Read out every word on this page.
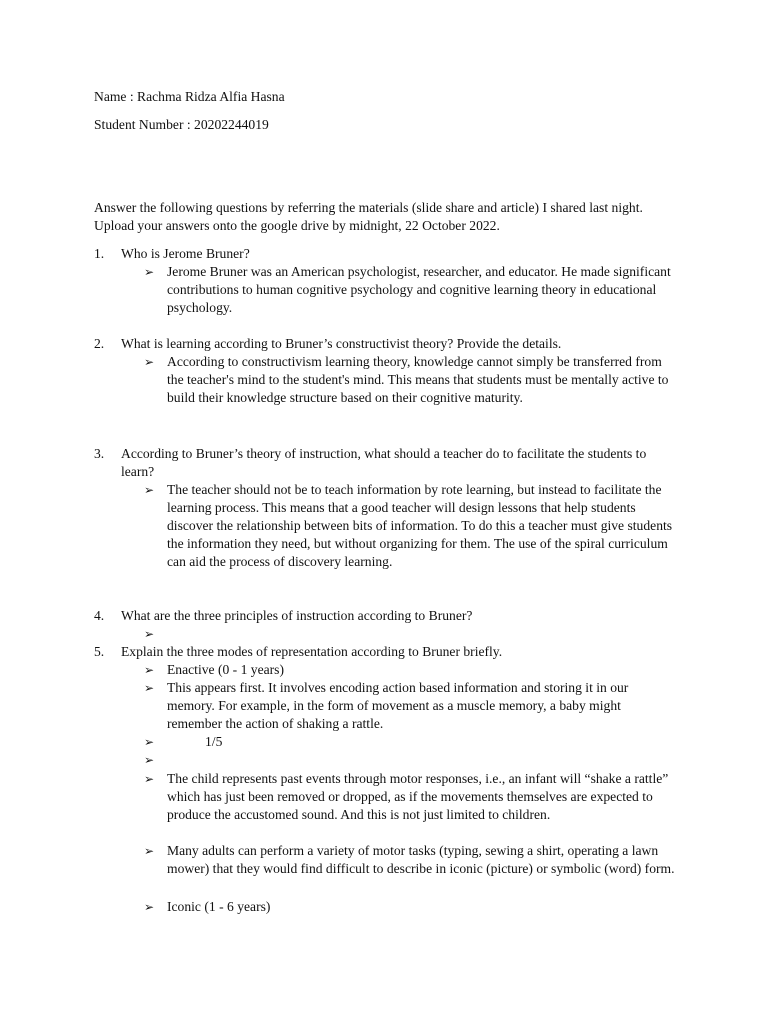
Name : Rachma Ridza Alfia Hasna
Student Number : 20202244019
Answer the following questions by referring the materials (slide share and article) I shared last night. Upload your answers onto the google drive by midnight, 22 October 2022.
1. Who is Jerome Bruner?
➢ Jerome Bruner was an American psychologist, researcher, and educator. He made significant contributions to human cognitive psychology and cognitive learning theory in educational psychology.
2. What is learning according to Bruner’s constructivist theory? Provide the details.
➢ According to constructivism learning theory, knowledge cannot simply be transferred from the teacher's mind to the student's mind. This means that students must be mentally active to build their knowledge structure based on their cognitive maturity.
3. According to Bruner’s theory of instruction, what should a teacher do to facilitate the students to learn?
➢ The teacher should not be to teach information by rote learning, but instead to facilitate the learning process. This means that a good teacher will design lessons that help students discover the relationship between bits of information. To do this a teacher must give students the information they need, but without organizing for them. The use of the spiral curriculum can aid the process of discovery learning.
4. What are the three principles of instruction according to Bruner?
➢
5. Explain the three modes of representation according to Bruner briefly.
➢ Enactive (0 - 1 years)
➢ This appears first. It involves encoding action based information and storing it in our memory. For example, in the form of movement as a muscle memory, a baby might remember the action of shaking a rattle.
➢	1/5
➢
➢ The child represents past events through motor responses, i.e., an infant will “shake a rattle” which has just been removed or dropped, as if the movements themselves are expected to produce the accustomed sound. And this is not just limited to children.
➢ Many adults can perform a variety of motor tasks (typing, sewing a shirt, operating a lawn mower) that they would find difficult to describe in iconic (picture) or symbolic (word) form.
➢ Iconic (1 - 6 years)
